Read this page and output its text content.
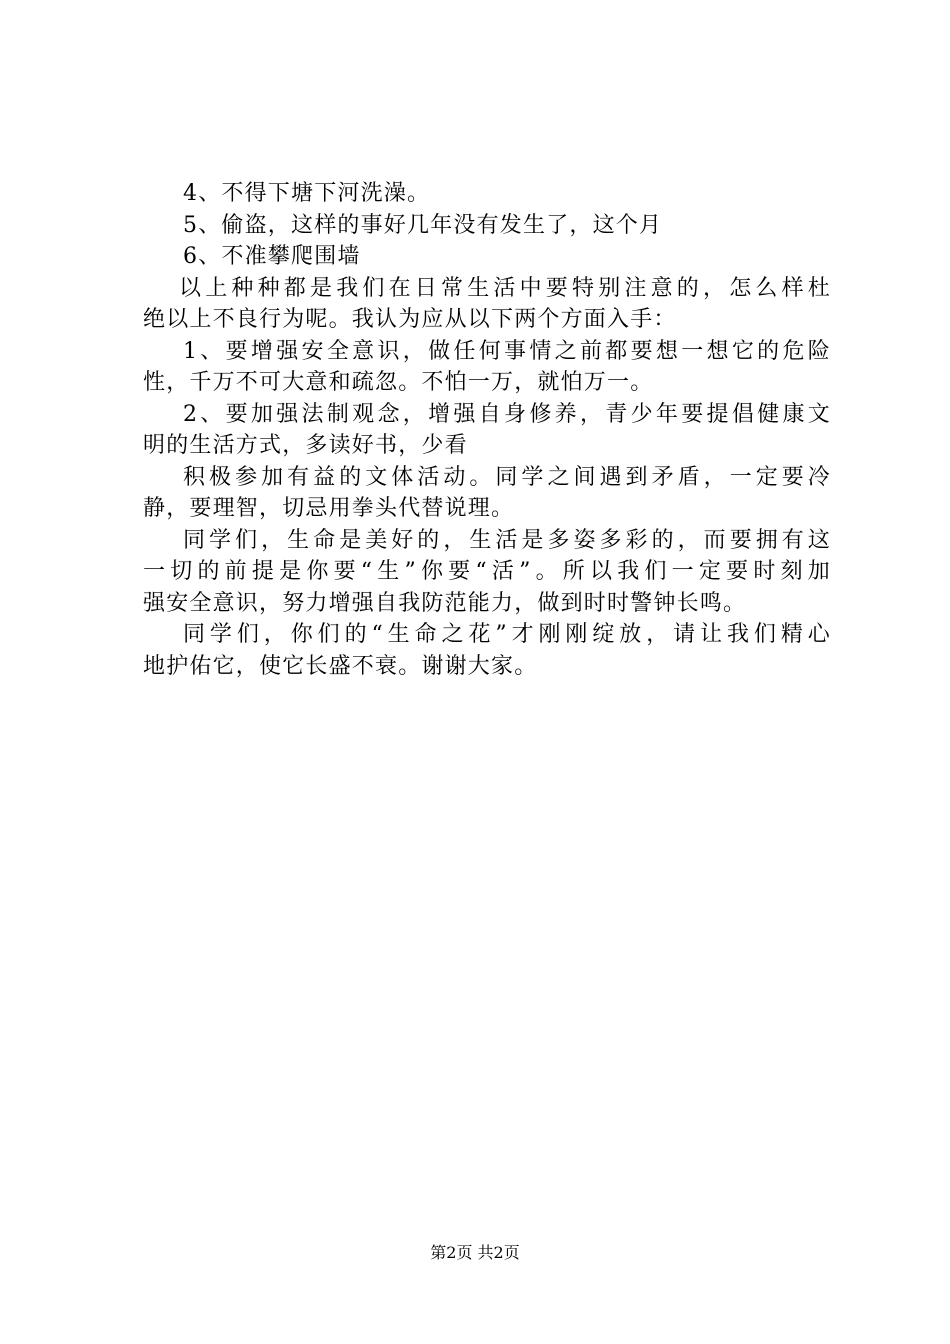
4、不得下塘下河洗澡。
5、偷盗，这样的事好几年没有发生了，这个月
6、不准攀爬围墙
以上种种都是我们在日常生活中要特别注意的，怎么样杜
绝以上不良行为呢。我认为应从以下两个方面入手：
1、要增强安全意识，做任何事情之前都要想一想它的危险
性，千万不可大意和疏忽。不怕一万，就怕万一。
2、要加强法制观念，增强自身修养，青少年要提倡健康文
明的生活方式，多读好书，少看
积极参加有益的文体活动。同学之间遇到矛盾，一定要冷
静，要理智，切忌用拳头代替说理。
同学们，生命是美好的，生活是多姿多彩的，而要拥有这
一切的前提是你要“生”你要“活”。所以我们一定要时刻加
强安全意识，努力增强自我防范能力，做到时时警钟长鸣。
同学们，你们的“生命之花”才刚刚绽放，请让我们精心
地护佑它，使它长盛不衰。谢谢大家。
第2页 共2页
